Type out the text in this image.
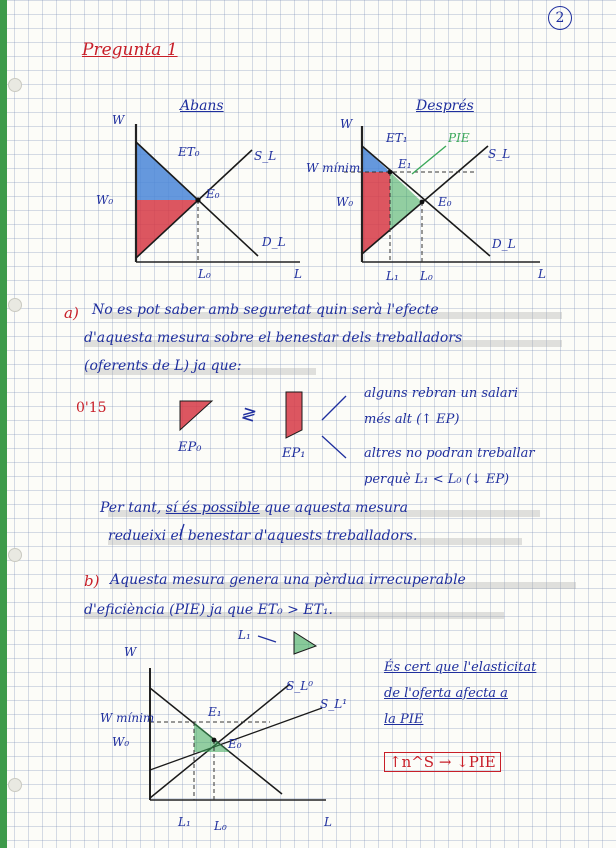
2
Pregunta 1
Abans	Després
W
W₀
L₀	L
S_L
D_L
E₀
ET₀
W
W mínim
W₀
L₁ L₀	L
S_L
D_L
E₁
E₀
ET₁	PIE
W
W mínim
W₀
L₁ L₀	L
S_L⁰
S_L¹
E₁
E₀
a) No es pot saber amb seguretat quin serà l'efecte
d'aquesta mesura sobre el benestar dels treballadors
(oferents de L) ja que:
0'15	≷
EP₀	EP₁
alguns rebran un salari
més alt (↑ EP)
altres no podran treballar
perquè L₁ < L₀ (↓ EP)
Per tant, sí és possible que aquesta mesura
redueixi el benestar d'aquests treballadors.
b) Aquesta mesura genera una pèrdua irrecuperable
d'eficiència (PIE) ja que ET₀ > ET₁.
L₁
És cert que l'elasticitat
de l'oferta afecta a
la PIE
↑n^S → ↓PIE
